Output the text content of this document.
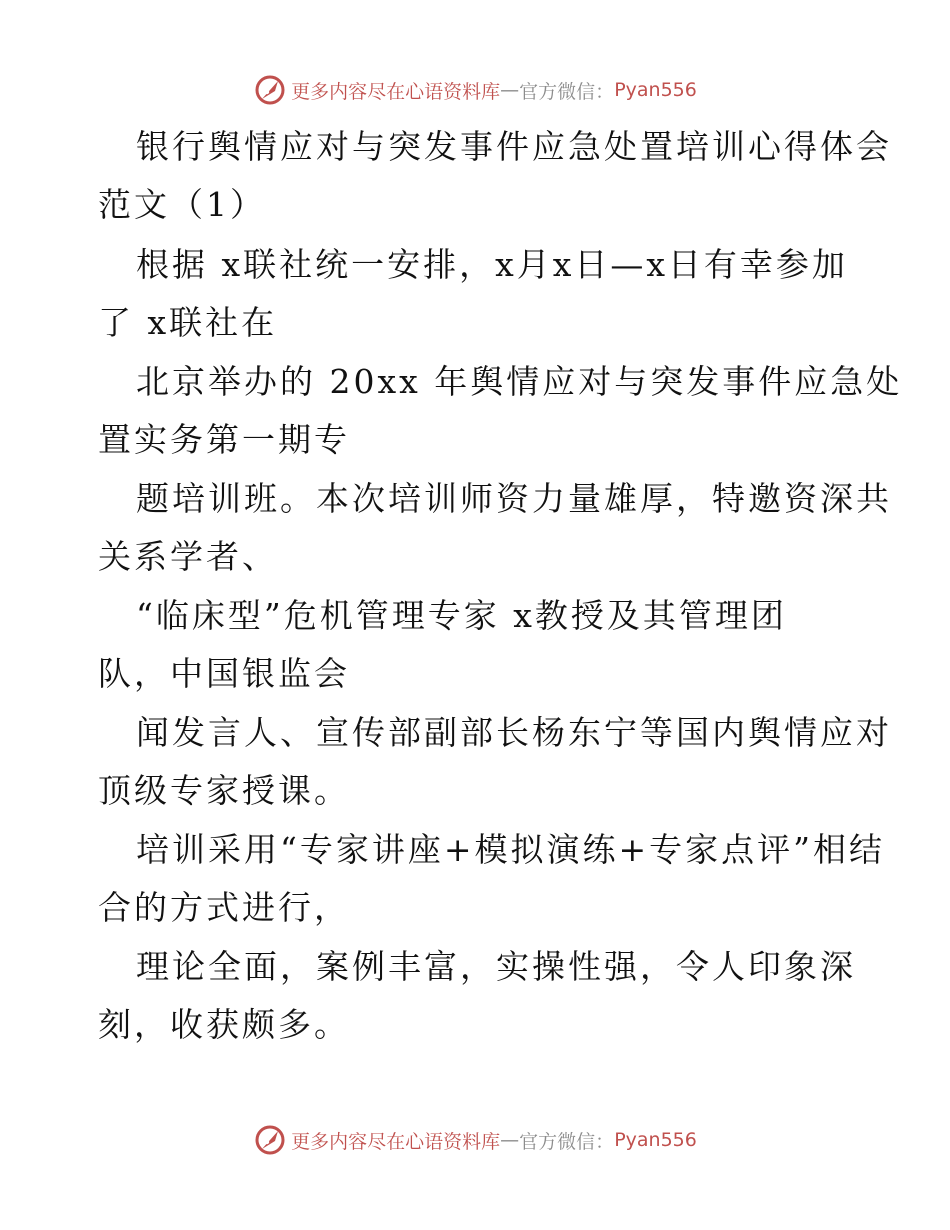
更多内容尽在心语资料库 — 官方微信： Pyan556
银行舆情应对与突发事件应急处置培训心得体会
范文（1）
根据 x联社统一安排，x月x日—x日有幸参加
了 x联社在
北京举办的 20xx 年舆情应对与突发事件应急处
置实务第一期专
题培训班。本次培训师资力量雄厚，特邀资深共
关系学者、
“临床型”危机管理专家 x教授及其管理团
队，中国银监会
闻发言人、宣传部副部长杨东宁等国内舆情应对
顶级专家授课。
培训采用“专家讲座+模拟演练+专家点评”相结
合的方式进行，
理论全面，案例丰富，实操性强，令人印象深
刻，收获颇多。
更多内容尽在心语资料库 — 官方微信： Pyan556
